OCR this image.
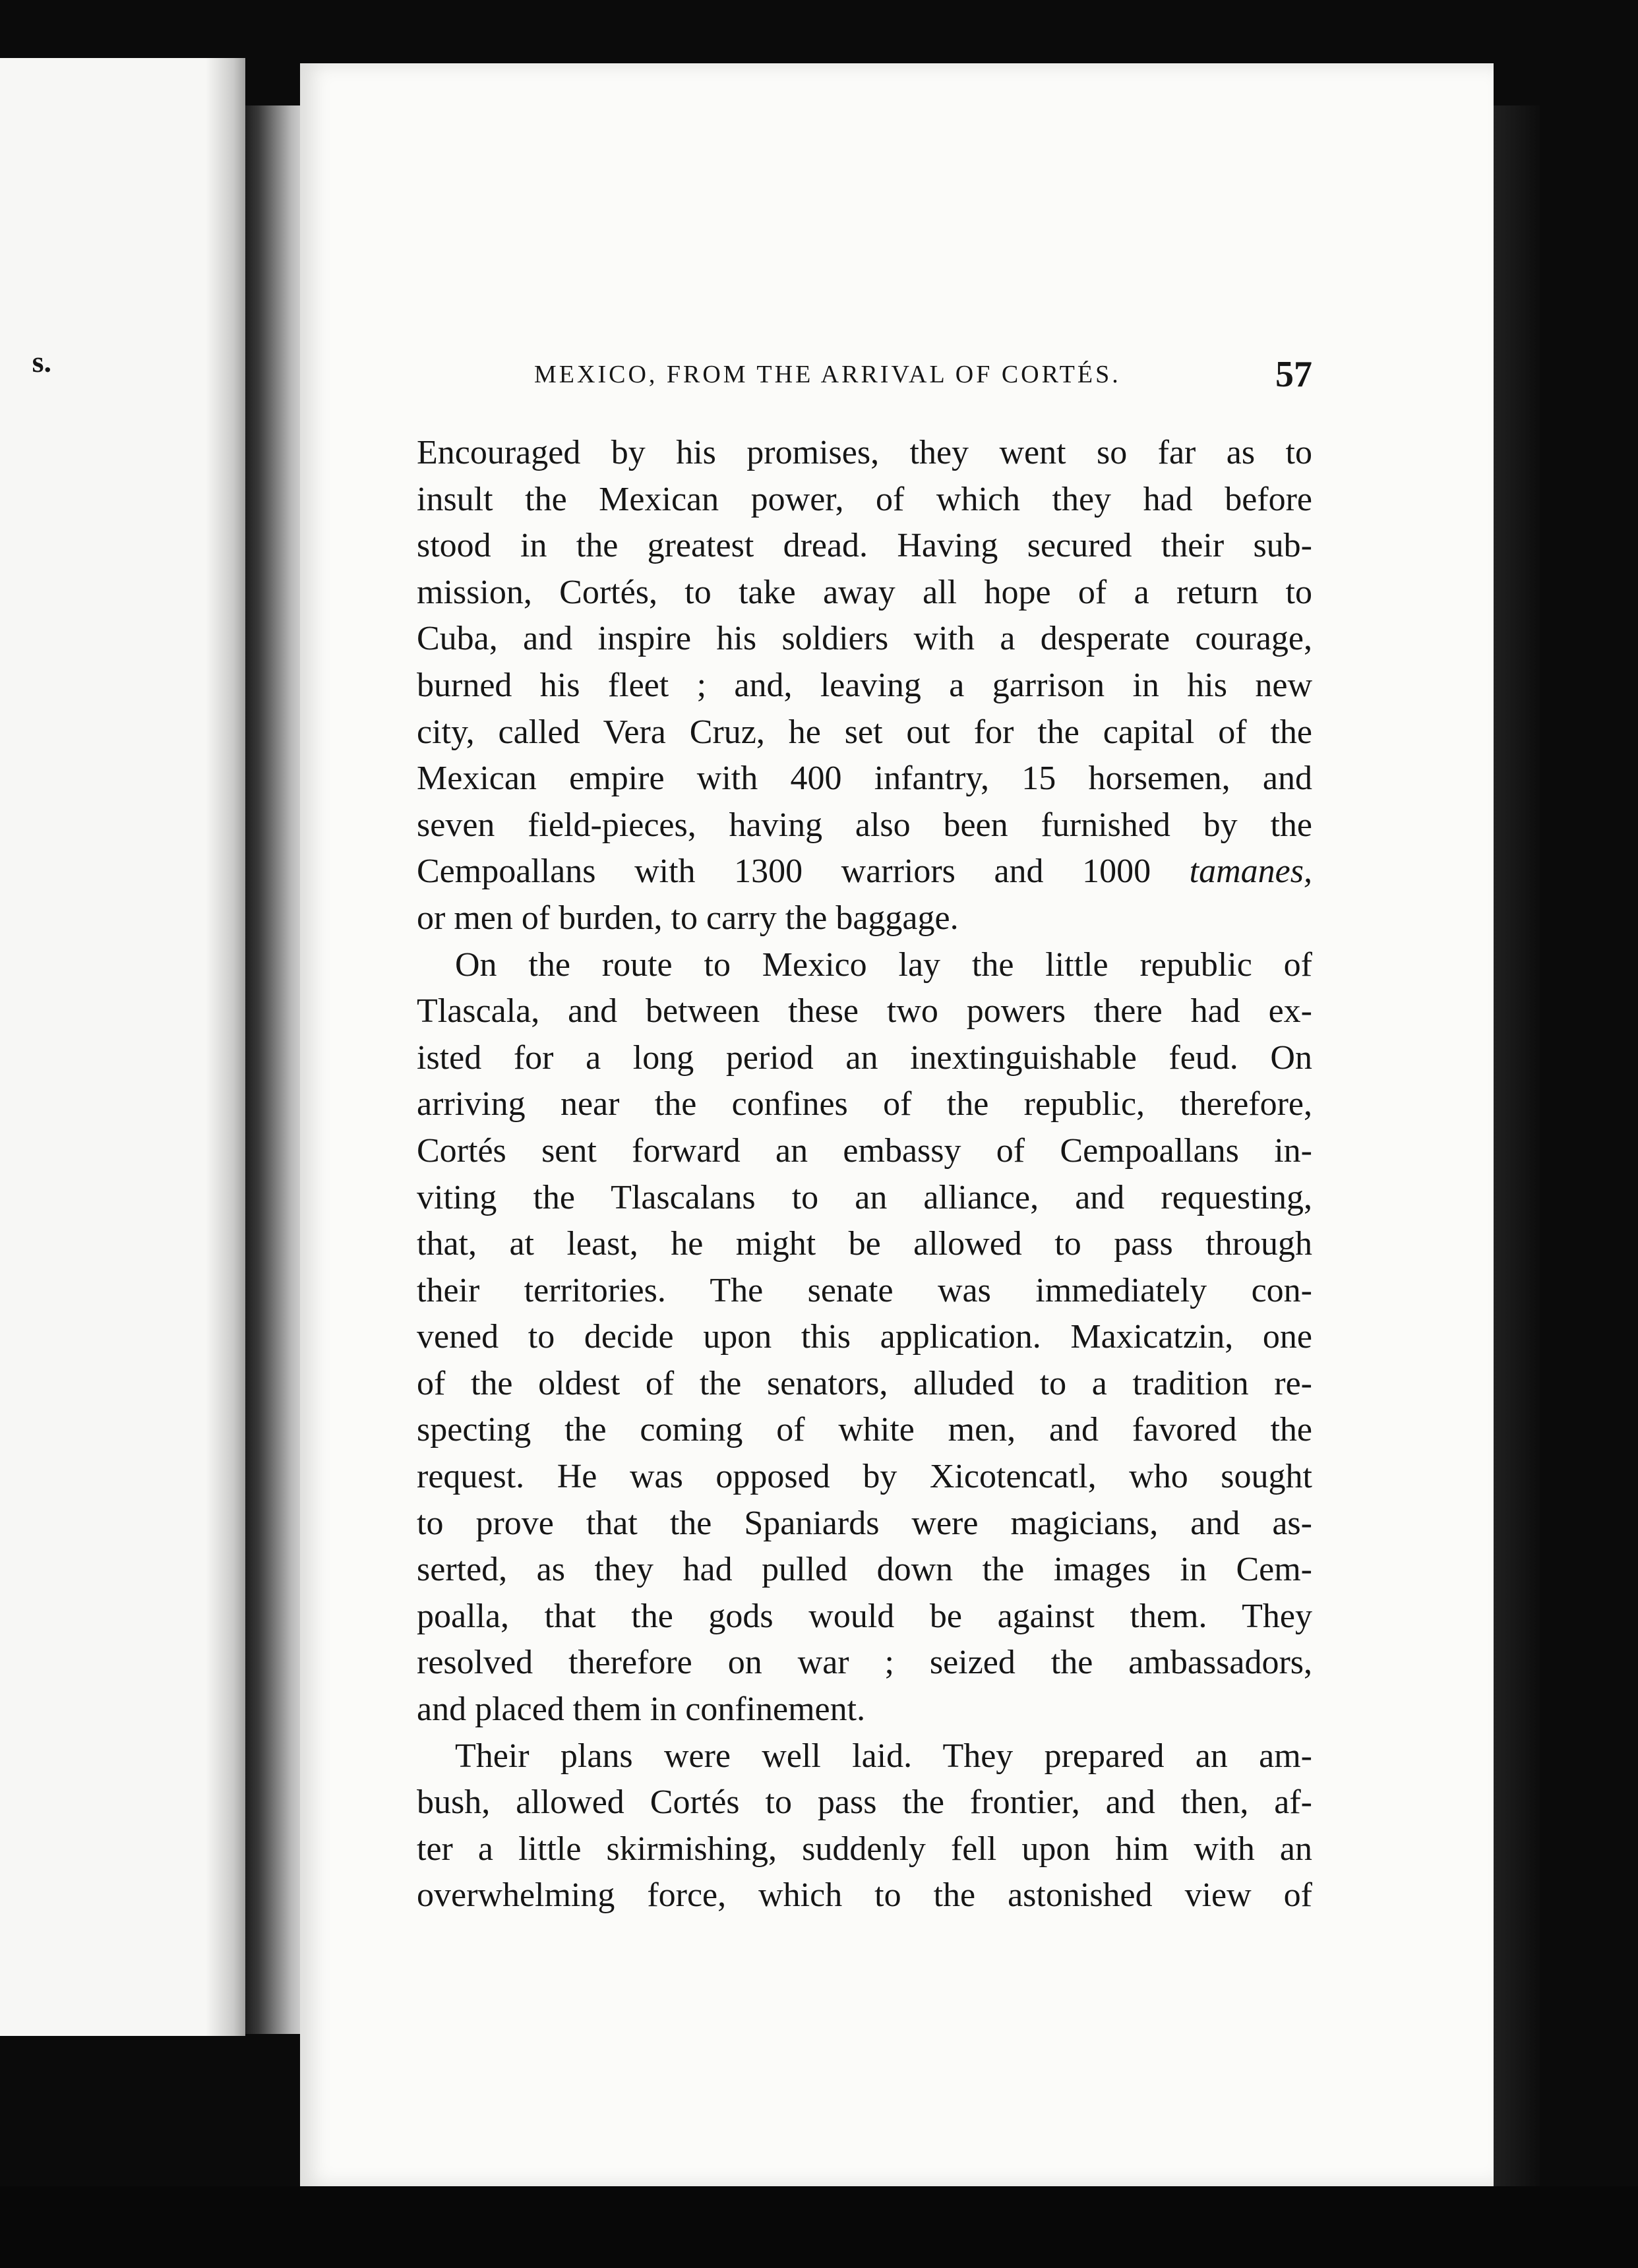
s.	MEXICO, FROM THE ARRIVAL OF CORTÉS.	57
Encouraged by his promises, they went so far as to
insult the Mexican power, of which they had before
stood in the greatest dread. Having secured their sub-
mission, Cortés, to take away all hope of a return to
Cuba, and inspire his soldiers with a desperate courage,
burned his fleet ; and, leaving a garrison in his new
city, called Vera Cruz, he set out for the capital of the
Mexican empire with 400 infantry, 15 horsemen, and
seven field-pieces, having also been furnished by the
Cempoallans with 1300 warriors and 1000 tamanes,
or men of burden, to carry the baggage.
On the route to Mexico lay the little republic of
Tlascala, and between these two powers there had ex-
isted for a long period an inextinguishable feud. On
arriving near the confines of the republic, therefore,
Cortés sent forward an embassy of Cempoallans in-
viting the Tlascalans to an alliance, and requesting,
that, at least, he might be allowed to pass through
their territories. The senate was immediately con-
vened to decide upon this application. Maxicatzin, one
of the oldest of the senators, alluded to a tradition re-
specting the coming of white men, and favored the
request. He was opposed by Xicotencatl, who sought
to prove that the Spaniards were magicians, and as-
serted, as they had pulled down the images in Cem-
poalla, that the gods would be against them. They
resolved therefore on war ; seized the ambassadors,
and placed them in confinement.
Their plans were well laid. They prepared an am-
bush, allowed Cortés to pass the frontier, and then, af-
ter a little skirmishing, suddenly fell upon him with an
overwhelming force, which to the astonished view of
